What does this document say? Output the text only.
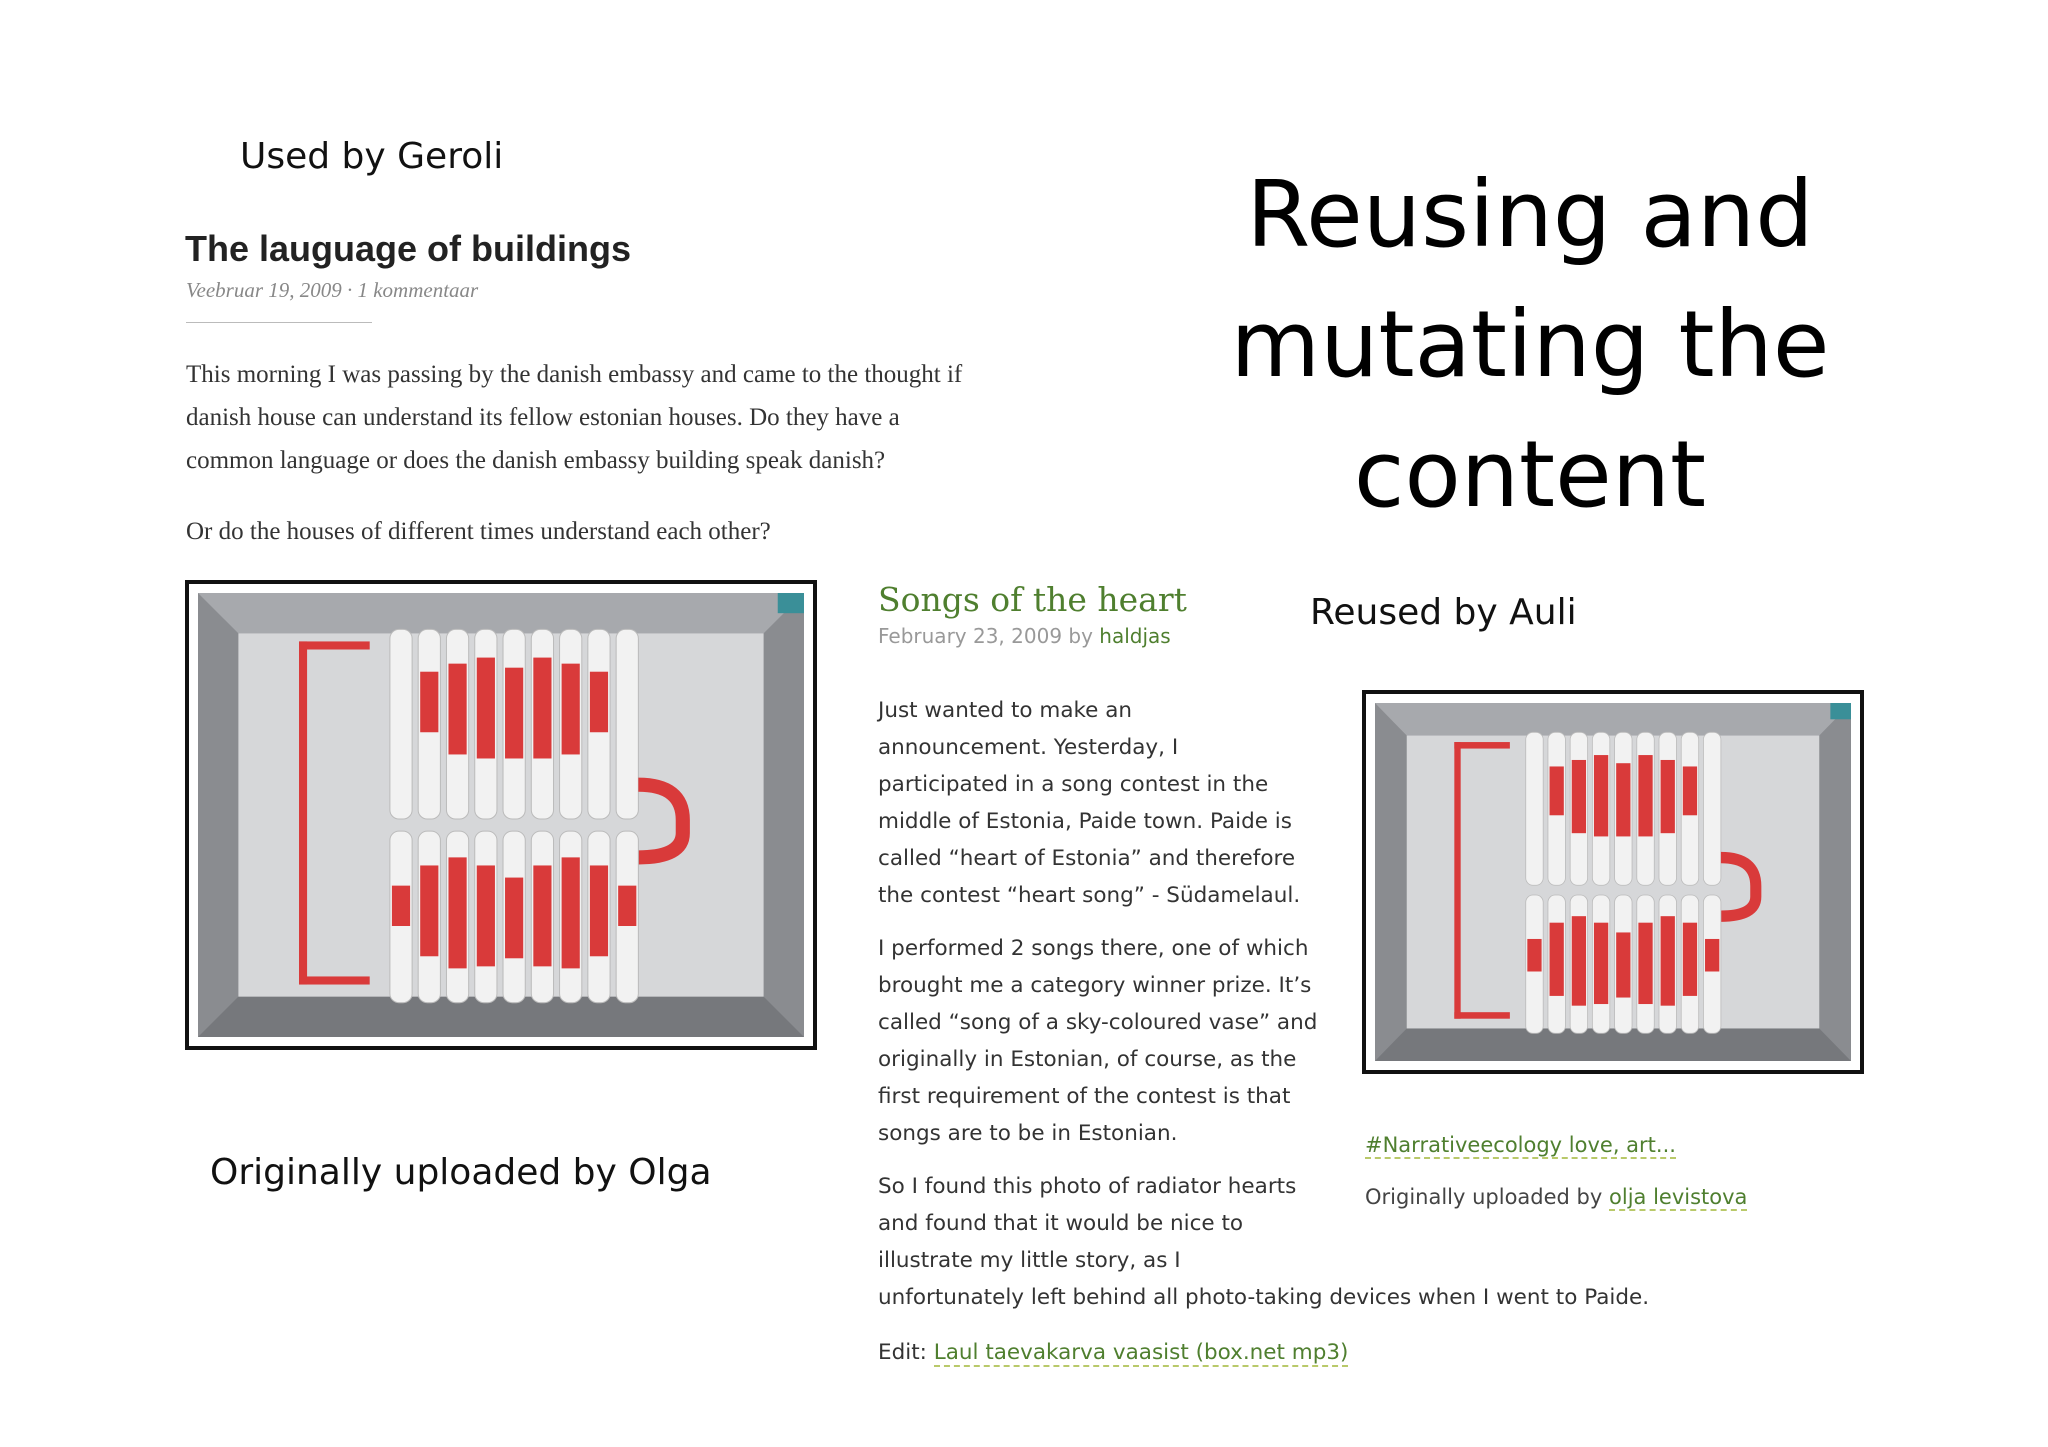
Used by Geroli
Reused by Auli
Originally uploaded by Olga
Reusing and
mutating the
content
The lauguage of buildings
Veebruar 19, 2009 · 1 kommentaar
This morning I was passing by the danish embassy and came to the thought if
danish house can understand its fellow estonian houses. Do they have a
common language or does the danish embassy building speak danish?
Or do the houses of different times understand each other?
Songs of the heart
February 23, 2009 by haldjas
Just wanted to make an
announcement. Yesterday, I
participated in a song contest in the
middle of Estonia, Paide town. Paide is
called “heart of Estonia” and therefore
the contest “heart song” - Südamelaul.
I performed 2 songs there, one of which
brought me a category winner prize. It’s
called “song of a sky-coloured vase” and
originally in Estonian, of course, as the
first requirement of the contest is that
songs are to be in Estonian.
So I found this photo of radiator hearts
and found that it would be nice to
illustrate my little story, as I
unfortunately left behind all photo-taking devices when I went to Paide.
Edit: Laul taevakarva vaasist (box.net mp3)
#Narrativeecology love, art...
Originally uploaded by olja levistova
